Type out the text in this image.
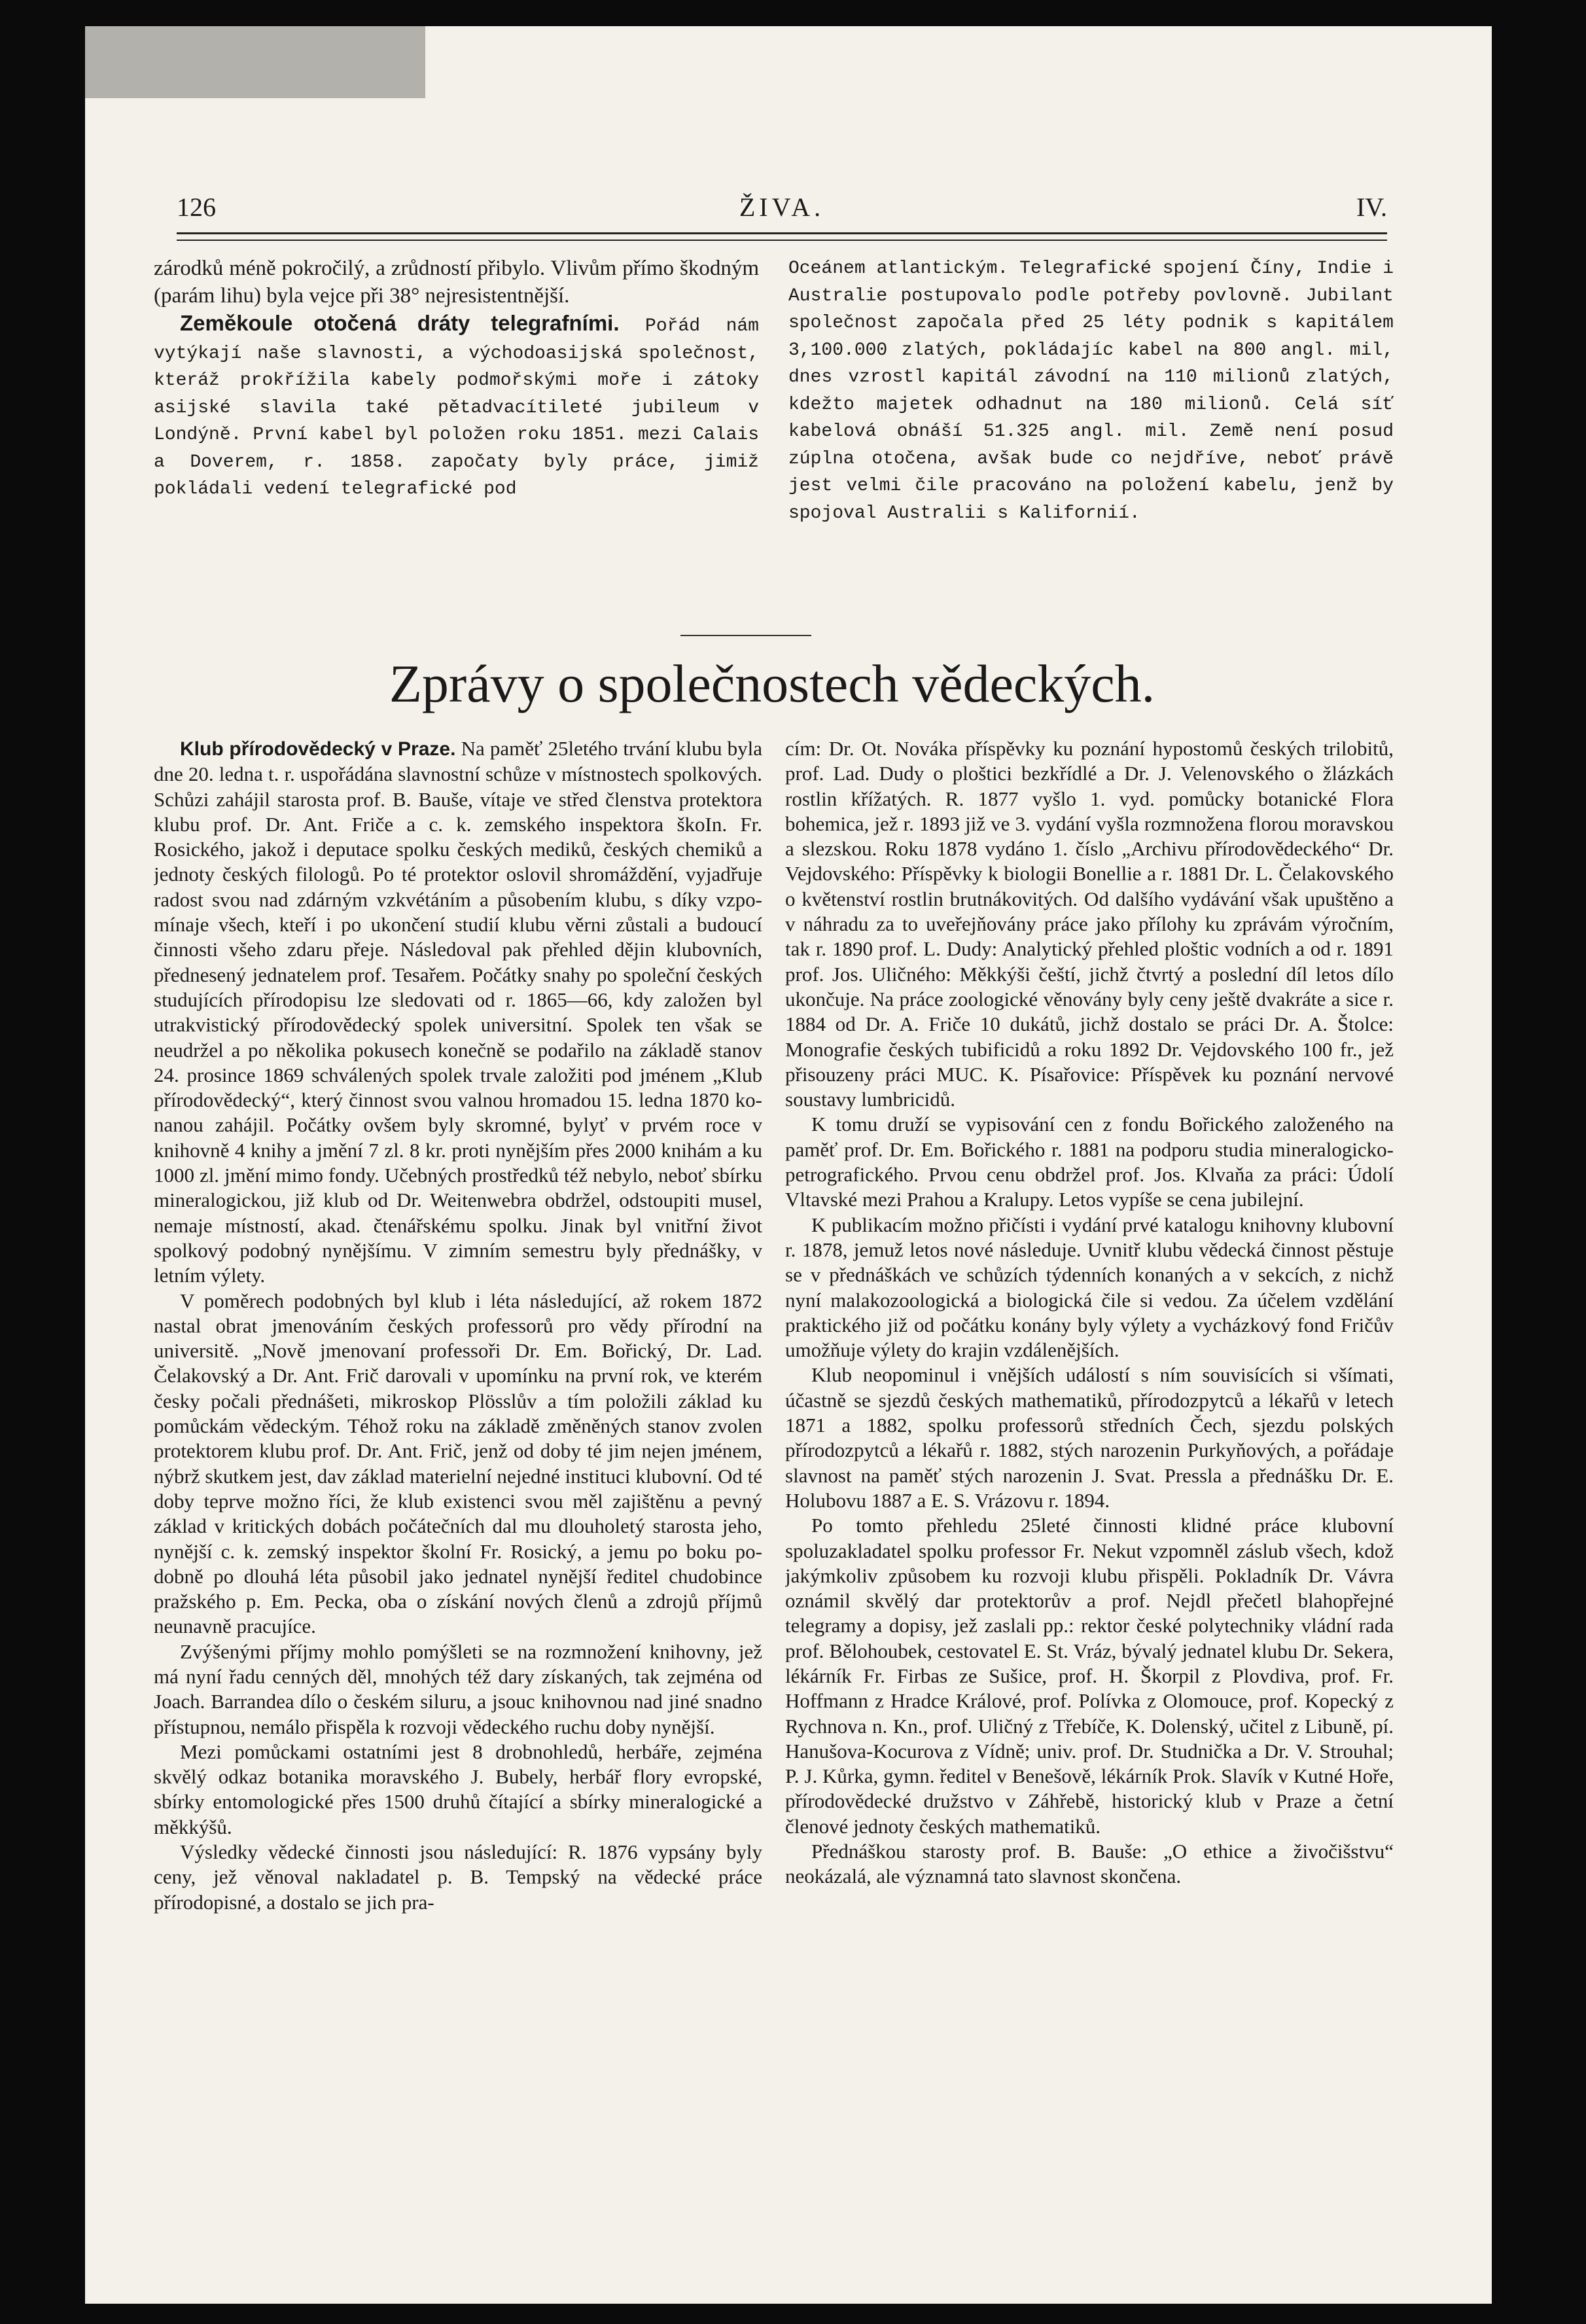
126	ŽIVA.	IV.

zárodků méně pokročilý, a zrůdností přibylo. Vlivům přímo škodným (parám lihu) byla vejce při 38° nejresistentnější.

Zeměkoule otočená dráty telegrafními. Pořád nám vytýkají naše slavnosti, a východoasijská společnost, kteráž prokřížila kabely podmořskými moře i zátoky asijské slavila také pětadvacítileté jubileum v Londýně. První kabel byl položen roku 1851. mezi Calais a Doverem, r. 1858. započaty byly práce, jimiž pokládali vedení telegrafické pod

Oceánem atlantickým. Telegrafické spojení Číny, Indie i Australie postupovalo podle potřeby povlovně. Jubilant společnost započala před 25 léty podnik s kapitálem 3,100.000 zlatých, pokládajíc kabel na 800 angl. mil, dnes vzrostl kapitál závodní na 110 milionů zlatých, kdežto majetek odhadnut na 180 milionů. Celá síť kabelová obnáší 51.325 angl. mil. Země není posud zúplna otočena, avšak bude co nejdříve, neboť právě jest velmi čile pracováno na položení kabelu, jenž by spojoval Australii s Kalifornií.

Zprávy o společnostech vědeckých.

Klub přírodovědecký v Praze. Na paměť 25letého trvání klubu byla dne 20. ledna t. r. uspořádána slavnostní schůze v místnostech spolkových. Schůzi zahájil starosta prof. B. Bauše, vítaje ve střed členstva protektora klubu prof. Dr. Ant. Friče a c. k. zemského inspektora škoIn. Fr. Rosického, jakož i deputace spolku českých mediků, českých chemiků a jednoty českých filologů. Po té protektor oslovil shromáždění, vyjadřuje radost svou nad zdárným vzkvétáním a působením klubu, s díky vzpomínaje všech, kteří i po ukončení studií klubu věrni zůstali a budoucí činnosti všeho zdaru přeje. Následoval pak přehled dějin klubovních, přednesený jednatelem prof. Tesařem. Počátky snahy po společní českých studujících přírodopisu lze sledovati od r. 1865—66, kdy založen byl utrakvistický přírodovědecký spolek universitní. Spolek ten však se neudržel a po několika pokusech konečně se podařilo na základě stanov 24. prosince 1869 schválených spolek trvale založiti pod jménem „Klub přírodovědecký“, který činnost svou valnou hromadou 15. ledna 1870 konanou zahájil. Počátky ovšem byly skromné, bylyť v prvém roce v knihovně 4 knihy a jmění 7 zl. 8 kr. proti nynějším přes 2000 knihám a ku 1000 zl. jmění mimo fondy. Učebných prostředků též nebylo, neboť sbírku mineralogickou, již klub od Dr. Weitenwebra obdržel, odstoupiti musel, nemaje místností, akad. čtenářskému spolku. Jinak byl vnitřní život spolkový podobný nynějšímu. V zimním semestru byly přednášky, v letním výlety.

V poměrech podobných byl klub i léta následující, až rokem 1872 nastal obrat jmenováním českých professorů pro vědy přírodní na universitě. „Nově jmenovaní professoři Dr. Em. Bořický, Dr. Lad. Čelakovský a Dr. Ant. Frič darovali v upomínku na první rok, ve kterém česky počali přednášeti, mikroskop Plösslův a tím položili základ ku pomůckám vědeckým. Téhož roku na základě změněných stanov zvolen protektorem klubu prof. Dr. Ant. Frič, jenž od doby té jim nejen jménem, nýbrž skutkem jest, dav základ materielní nejedné instituci klubovní. Od té doby teprve možno říci, že klub existenci svou měl zajištěnu a pevný základ v kritických dobách počátečních dal mu dlouholetý starosta jeho, nynější c. k. zemský inspektor školní Fr. Rosický, a jemu po boku podobně po dlouhá léta působil jako jednatel nynější ředitel chudobince pražského p. Em. Pecka, oba o získání nových členů a zdrojů příjmů neunavně pracujíce.

Zvýšenými příjmy mohlo pomýšleti se na rozmnožení knihovny, jež má nyní řadu cenných děl, mnohých též dary získaných, tak zejména od Joach. Barrandea dílo o českém siluru, a jsouc knihovnou nad jiné snadno přístupnou, nemálo přispěla k rozvoji vědeckého ruchu doby nynější.

Mezi pomůckami ostatními jest 8 drobnohledů, herbáře, zejména skvělý odkaz botanika moravského J. Bubely, herbář flory evropské, sbírky entomologické přes 1500 druhů čítající a sbírky mineralogické a měkkýšů.

Výsledky vědecké činnosti jsou následující: R. 1876 vypsány byly ceny, jež věnoval nakladatel p. B. Tempský na vědecké práce přírodopisné, a dostalo se jich pra-

cím: Dr. Ot. Nováka příspěvky ku poznání hypostomů českých trilobitů, prof. Lad. Dudy o ploštici bezkřídlé a Dr. J. Velenovského o žlázkách rostlin křížatých. R. 1877 vyšlo 1. vyd. pomůcky botanické Flora bohemica, jež r. 1893 již ve 3. vydání vyšla rozmnožena florou moravskou a slezskou. Roku 1878 vydáno 1. číslo „Archivu přírodovědeckého“ Dr. Vejdovského: Příspěvky k biologii Bonellie a r. 1881 Dr. L. Čelakovského o květenství rostlin brutnákovitých. Od dalšího vydávání však upuštěno a v náhradu za to uveřejňovány práce jako přílohy ku zprávám výročním, tak r. 1890 prof. L. Dudy: Analytický přehled ploštic vodních a od r. 1891 prof. Jos. Uličného: Měkkýši čeští, jichž čtvrtý a poslední díl letos dílo ukončuje. Na práce zoologické věnovány byly ceny ještě dvakráte a sice r. 1884 od Dr. A. Friče 10 dukátů, jichž dostalo se práci Dr. A. Štolce: Monografie českých tubificidů a roku 1892 Dr. Vejdovského 100 fr., jež přisouzeny práci MUC. K. Písařovice: Příspěvek ku poznání nervové soustavy lumbricidů.

K tomu druží se vypisování cen z fondu Bořického založeného na paměť prof. Dr. Em. Bořického r. 1881 na podporu studia mineralogicko-petrografického. Prvou cenu obdržel prof. Jos. Klvaňa za práci: Údolí Vltavské mezi Prahou a Kralupy. Letos vypíše se cena jubilejní.

K publikacím možno přičísti i vydání prvé katalogu knihovny klubovní r. 1878, jemuž letos nové následuje. Uvnitř klubu vědecká činnost pěstuje se v přednáškách ve schůzích týdenních konaných a v sekcích, z nichž nyní malakozoologická a biologická čile si vedou. Za účelem vzdělání praktického již od počátku konány byly výlety a vycházkový fond Fričův umožňuje výlety do krajin vzdálenějších.

Klub neopominul i vnějších událostí s ním souvisících si všímati, účastně se sjezdů českých mathematiků, přírodozpytců a lékařů v letech 1871 a 1882, spolku professorů středních Čech, sjezdu polských přírodozpytců a lékařů r. 1882, stých narozenin Purkyňových, a pořádaje slavnost na paměť stých narozenin J. Svat. Pressla a přednášku Dr. E. Holubovu 1887 a E. S. Vrázovu r. 1894.

Po tomto přehledu 25leté činnosti klidné práce klubovní spoluzakladatel spolku professor Fr. Nekut vzpomněl záslub všech, kdož jakýmkoliv způsobem ku rozvoji klubu přispěli. Pokladník Dr. Vávra oznámil skvělý dar protektorův a prof. Nejdl přečetl blahopřejné telegramy a dopisy, jež zaslali pp.: rektor české polytechniky vládní rada prof. Bělohoubek, cestovatel E. St. Vráz, bývalý jednatel klubu Dr. Sekera, lékárník Fr. Firbas ze Sušice, prof. H. Škorpil z Plovdiva, prof. Fr. Hoffmann z Hradce Králové, prof. Polívka z Olomouce, prof. Kopecký z Rychnova n. Kn., prof. Uličný z Třebíče, K. Dolenský, učitel z Libuně, pí. Hanušova-Kocurova z Vídně; univ. prof. Dr. Studnička a Dr. V. Strouhal; P. J. Kůrka, gymn. ředitel v Benešově, lékárník Prok. Slavík v Kutné Hoře, přírodovědecké družstvo v Záhřebě, historický klub v Praze a četní členové jednoty českých mathematiků.

Přednáškou starosty prof. B. Bauše: „O ethice a živočišstvu“ neokázalá, ale významná tato slavnost skončena.
